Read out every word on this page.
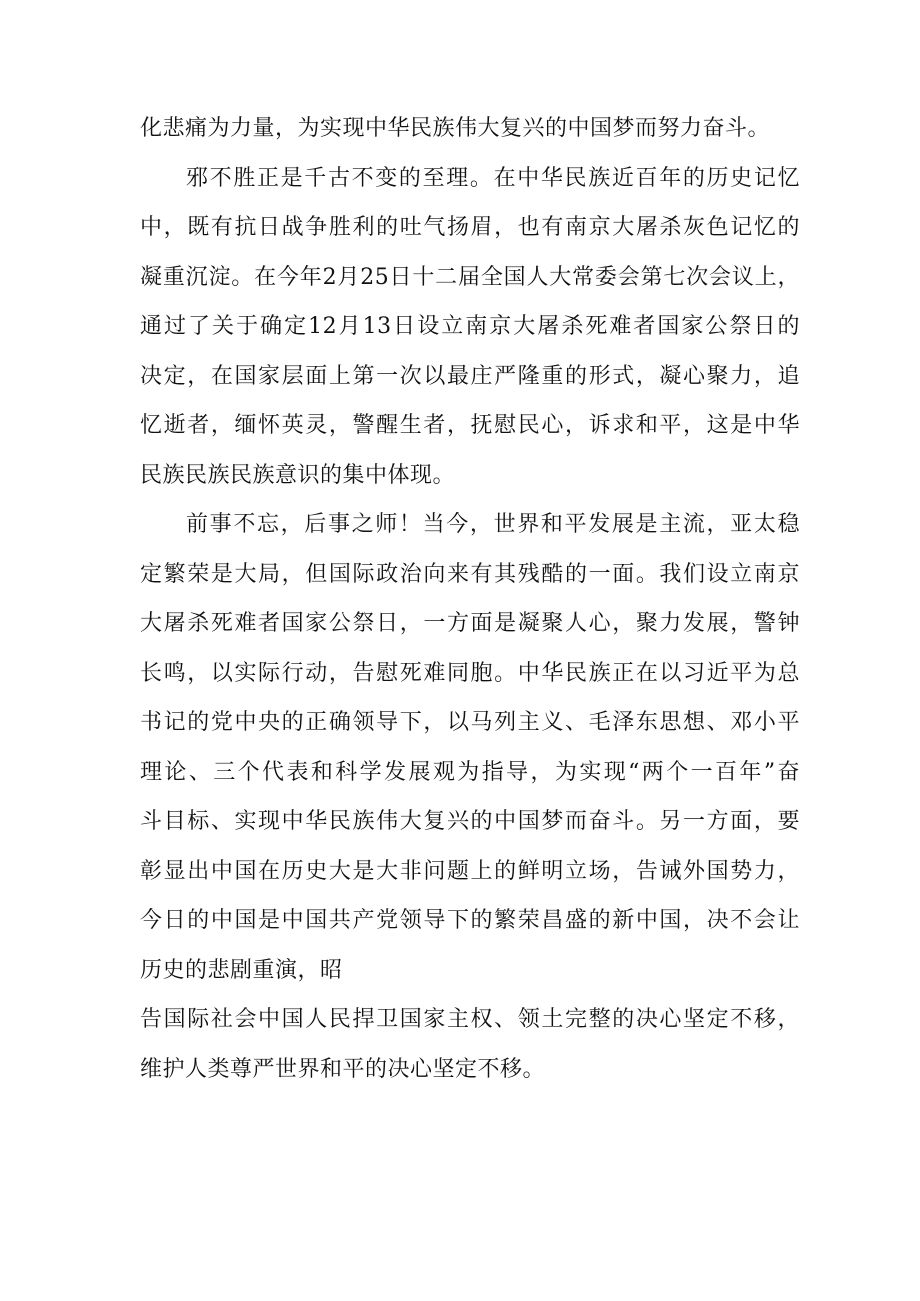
化悲痛为力量，为实现中华民族伟大复兴的中国梦而努力奋斗。

邪不胜正是千古不变的至理。在中华民族近百年的历史记忆

中，既有抗日战争胜利的吐气扬眉，也有南京大屠杀灰色记忆的

凝重沉淀。在今年2月25日十二届全国人大常委会第七次会议上，

通过了关于确定12月13日设立南京大屠杀死难者国家公祭日的

决定，在国家层面上第一次以最庄严隆重的形式，凝心聚力，追

忆逝者，缅怀英灵，警醒生者，抚慰民心，诉求和平，这是中华

民族民族民族意识的集中体现。

前事不忘，后事之师！当今，世界和平发展是主流，亚太稳

定繁荣是大局，但国际政治向来有其残酷的一面。我们设立南京

大屠杀死难者国家公祭日，一方面是凝聚人心，聚力发展，警钟

长鸣，以实际行动，告慰死难同胞。中华民族正在以习近平为总

书记的党中央的正确领导下，以马列主义、毛泽东思想、邓小平

理论、三个代表和科学发展观为指导，为实现“两个一百年”奋

斗目标、实现中华民族伟大复兴的中国梦而奋斗。另一方面，要

彰显出中国在历史大是大非问题上的鲜明立场，告诫外国势力，

今日的中国是中国共产党领导下的繁荣昌盛的新中国，决不会让

历史的悲剧重演，昭

告国际社会中国人民捍卫国家主权、领土完整的决心坚定不移，

维护人类尊严世界和平的决心坚定不移。
